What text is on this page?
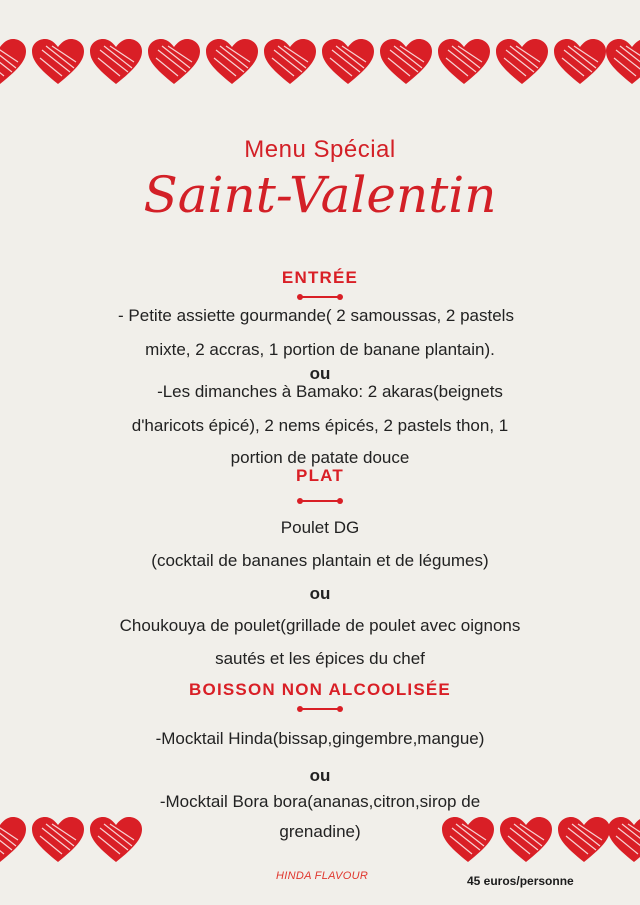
Menu Spécial
Saint-Valentin
ENTRÉE
- Petite assiette gourmande( 2 samoussas, 2 pastels
mixte, 2 accras, 1 portion de banane plantain).
ou
-Les dimanches à Bamako: 2 akaras(beignets
d'haricots épicé), 2 nems épicés, 2 pastels thon, 1
portion de patate douce
PLAT
Poulet DG
(cocktail de bananes plantain et de légumes)
ou
Choukouya de poulet(grillade de poulet avec oignons
sautés et les épices du chef
BOISSON NON ALCOOLISÉE
-Mocktail Hinda(bissap,gingembre,mangue)
ou
-Mocktail Bora bora(ananas,citron,sirop de
grenadine)
HINDA FLAVOUR	45 euros/personne
